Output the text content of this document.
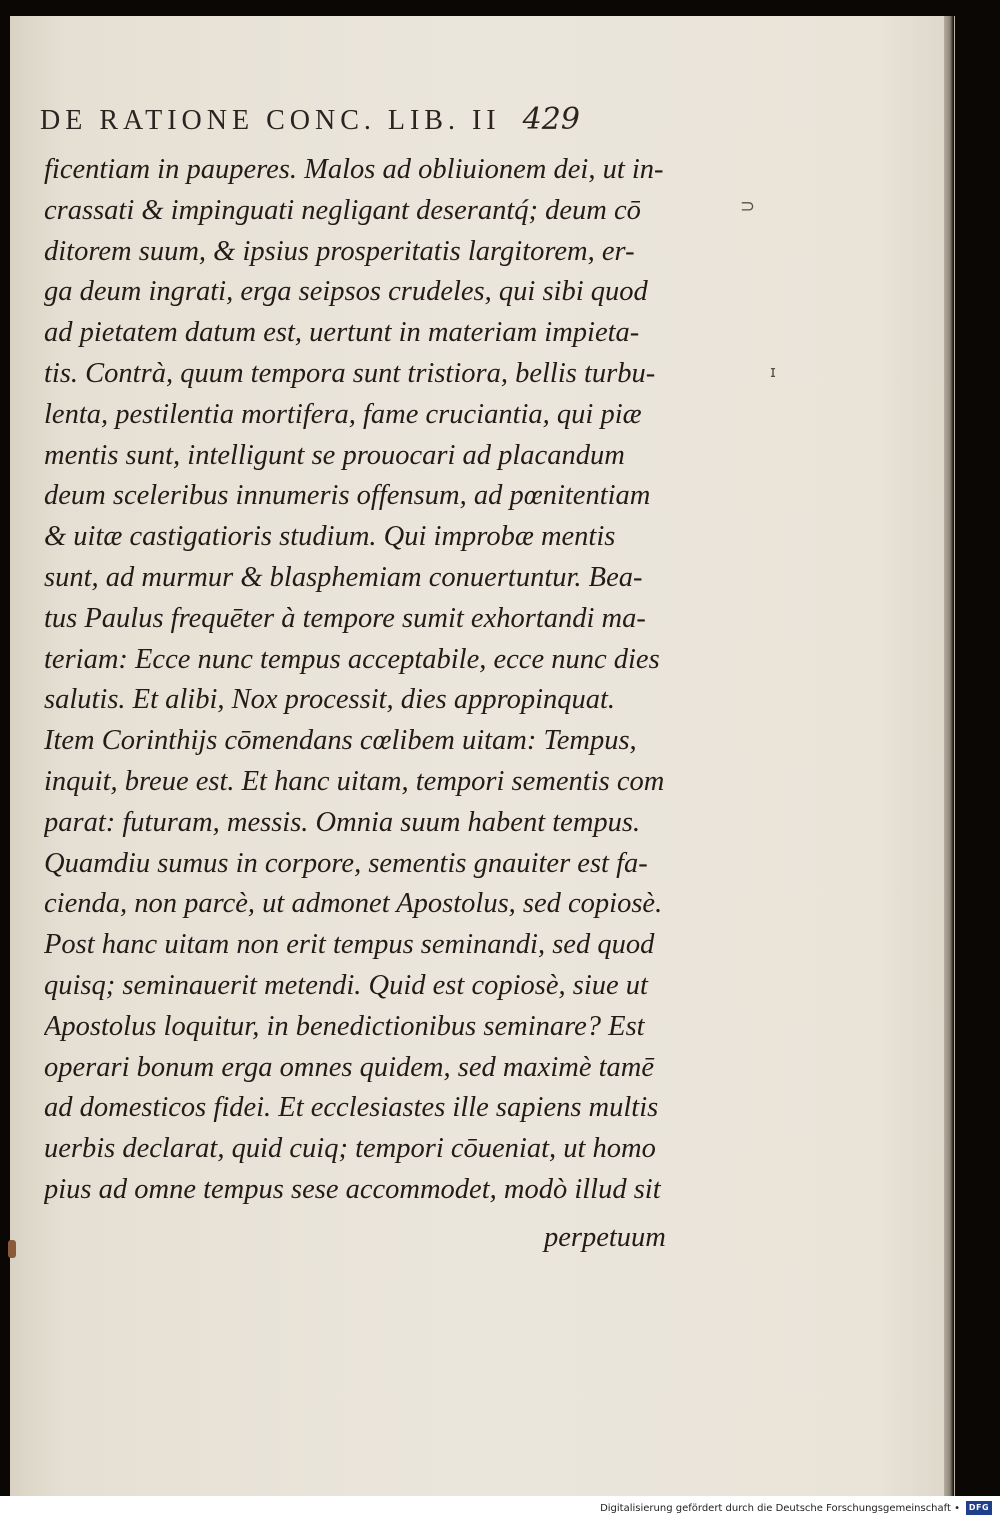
DE RATIONE CONC. LIB. II 429
ficentiam in pauperes. Malos ad obliuionem dei, ut in-
crassati & impinguati negligant deserantq́; deum cō
ditorem suum, & ipsius prosperitatis largitorem, er-
ga deum ingrati, erga seipsos crudeles, qui sibi quod
ad pietatem datum est, uertunt in materiam impieta-
tis. Contrà, quum tempora sunt tristiora, bellis turbu-
lenta, pestilentia mortifera, fame cruciantia, qui piæ
mentis sunt, intelligunt se prouocari ad placandum
deum sceleribus innumeris offensum, ad pœnitentiam
& uitæ castigatioris studium. Qui improbæ mentis
sunt, ad murmur & blasphemiam conuertuntur. Bea-
tus Paulus frequēter à tempore sumit exhortandi ma-
teriam: Ecce nunc tempus acceptabile, ecce nunc dies
salutis. Et alibi, Nox processit, dies appropinquat.
Item Corinthijs cōmendans cœlibem uitam: Tempus,
inquit, breue est. Et hanc uitam, tempori sementis com
parat: futuram, messis. Omnia suum habent tempus.
Quamdiu sumus in corpore, sementis gnauiter est fa-
cienda, non parcè, ut admonet Apostolus, sed copiosè.
Post hanc uitam non erit tempus seminandi, sed quod
quisq; seminauerit metendi. Quid est copiosè, siue ut
Apostolus loquitur, in benedictionibus seminare? Est
operari bonum erga omnes quidem, sed maximè tamē
ad domesticos fidei. Et ecclesiastes ille sapiens multis
uerbis declarat, quid cuiq; tempori cōueniat, ut homo
pius ad omne tempus sese accommodet, modò illud sit
perpetuum
⊃
ɪ
Digitalisierung gefördert durch die Deutsche Forschungsgemeinschaft •	DFG
